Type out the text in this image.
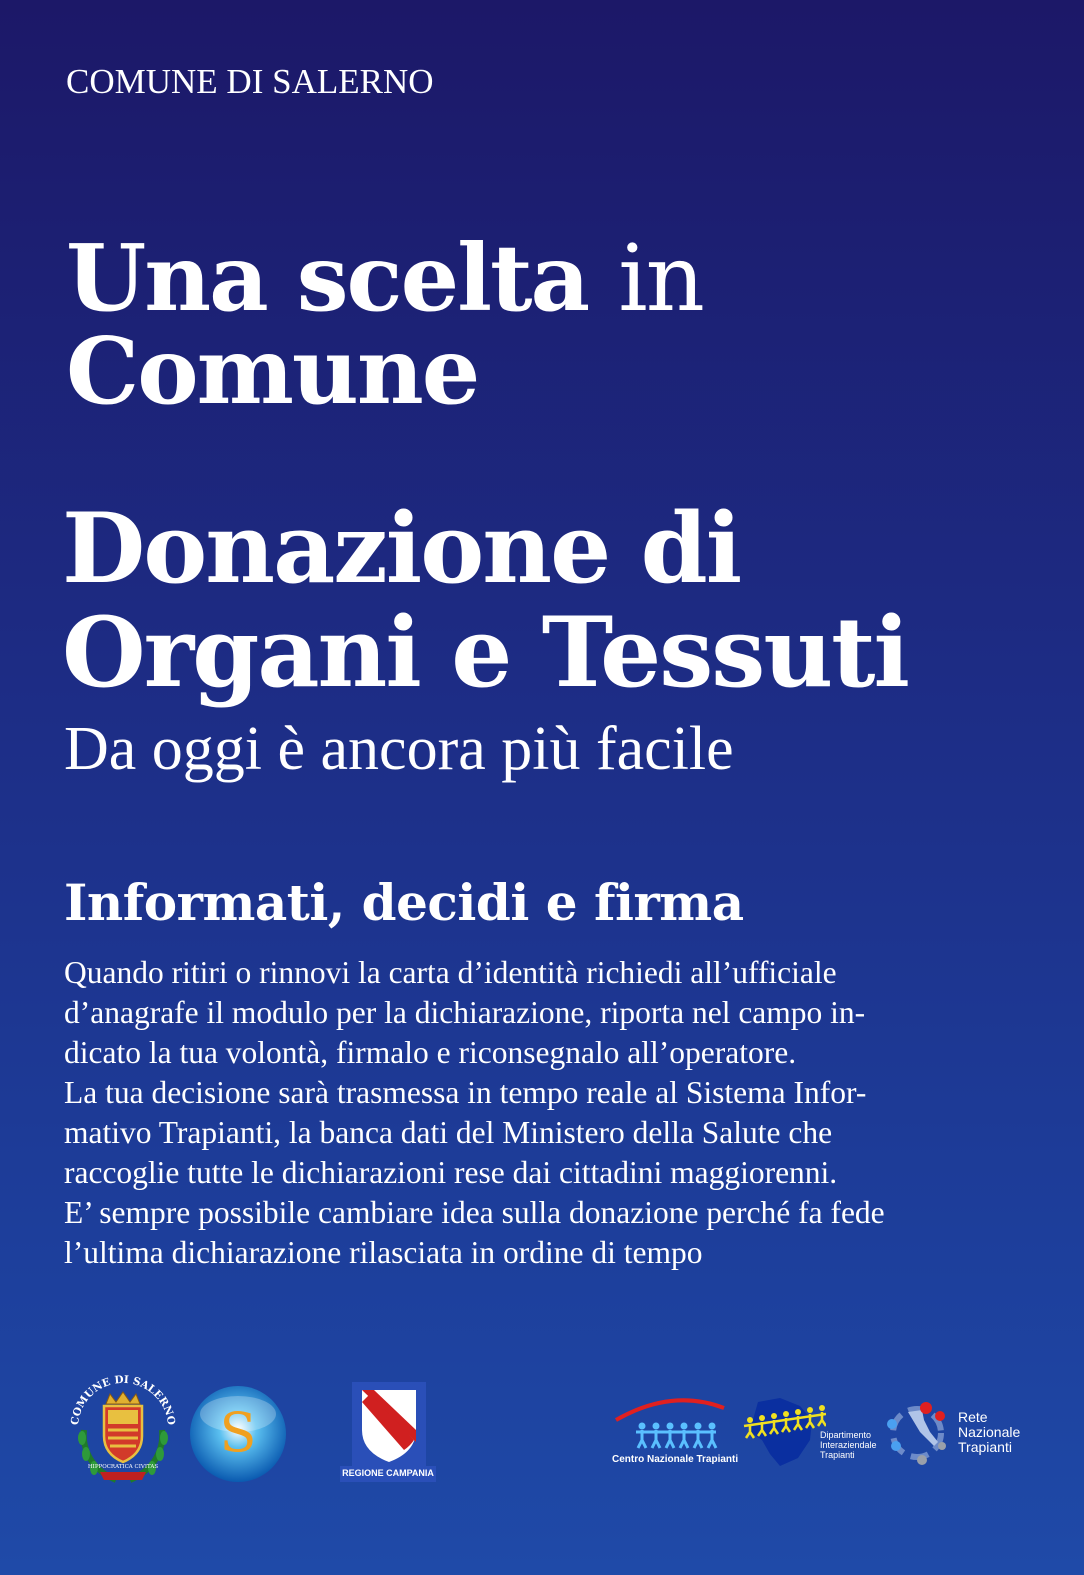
COMUNE DI SALERNO
Una scelta in
Comune
Donazione di
Organi e Tessuti
Da oggi è ancora più facile
Informati, decidi e firma
Quando ritiri o rinnovi la carta d’identità richiedi all’ufficiale
d’anagrafe il modulo per la dichiarazione, riporta nel campo in-
dicato la tua volontà, firmalo e riconsegnalo all’operatore.
La tua decisione sarà trasmessa in tempo reale al Sistema Infor-
mativo Trapianti, la banca dati del Ministero della Salute che
raccoglie tutte le dichiarazioni rese dai cittadini maggiorenni.
E’ sempre possibile cambiare idea sulla donazione perché fa fede
l’ultima dichiarazione rilasciata in ordine di tempo
COMUNE DI SALERNO
HIPPOCRATICA CIVITAS
S
REGIONE CAMPANIA
Centro Nazionale Trapianti
Dipartimento
Interaziendale
Trapianti
Rete
Nazionale
Trapianti
